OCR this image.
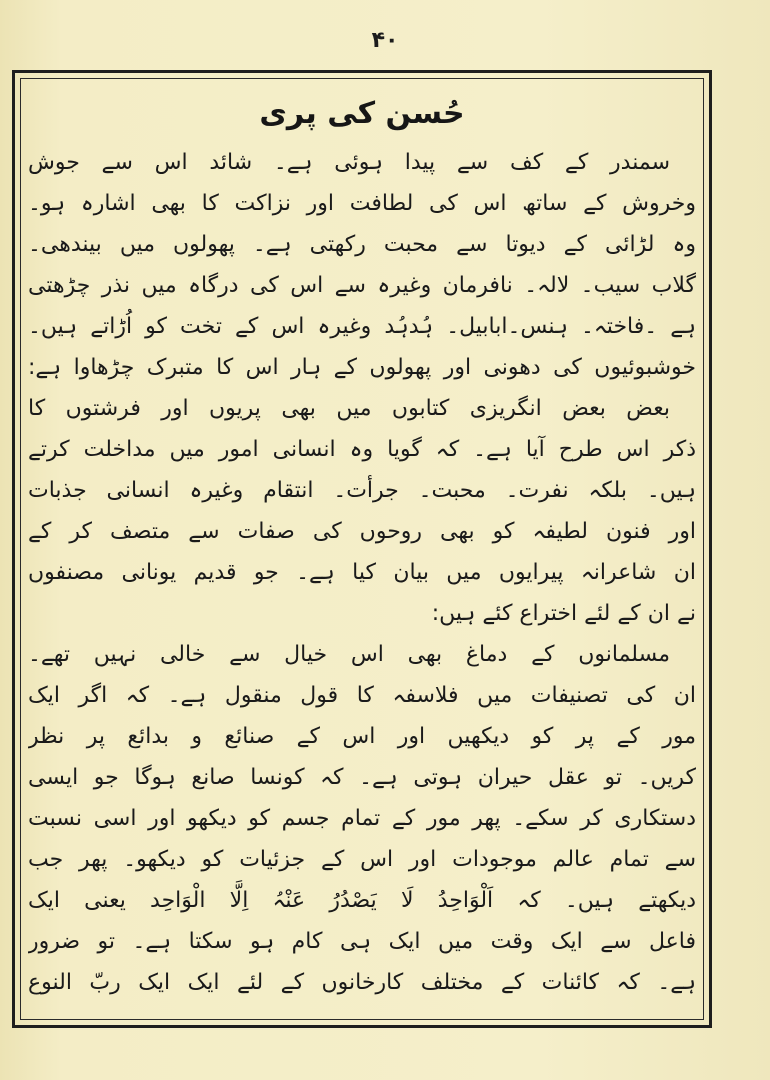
۴۰
حُسن کی پری
سمندر کے کف سے پیدا ہوئی ہے۔ شائد اس سے جوش
وخروش کے ساتھ اس کی لطافت اور نزاکت کا بھی اشارہ ہو۔
وہ لڑائی کے دیوتا سے محبت رکھتی ہے۔ پھولوں میں بیندھی۔
گلاب سیب۔ لالہ۔ نافرمان وغیرہ سے اس کی درگاہ میں نذر چڑھتی
ہے ۔فاختہ۔ ہنس۔ابابیل۔ ہُدہُد وغیرہ اس کے تخت کو اُڑاتے ہیں۔
خوشبوئیوں کی دھونی اور پھولوں کے ہار اس کا متبرک چڑھاوا ہے:
بعض بعض انگریزی کتابوں میں بھی پریوں اور فرشتوں کا
ذکر اس طرح آیا ہے۔ کہ گویا وہ انسانی امور میں مداخلت کرتے
ہیں۔ بلکہ نفرت۔ محبت۔ جرأت۔ انتقام وغیرہ انسانی جذبات
اور فنون لطیفہ کو بھی روحوں کی صفات سے متصف کر کے
ان شاعرانہ پیرایوں میں بیان کیا ہے۔ جو قدیم یونانی مصنفوں
نے ان کے لئے اختراع کئے ہیں:
مسلمانوں کے دماغ بھی اس خیال سے خالی نہیں تھے۔
ان کی تصنیفات میں فلاسفہ کا قول منقول ہے۔ کہ اگر ایک
مور کے پر کو دیکھیں اور اس کے صنائع و بدائع پر نظر
کریں۔ تو عقل حیران ہوتی ہے۔ کہ کونسا صانع ہوگا جو ایسی
دستکاری کر سکے۔ پھر مور کے تمام جسم کو دیکھو اور اسی نسبت
سے تمام عالم موجودات اور اس کے جزئیات کو دیکھو۔ پھر جب
دیکھتے ہیں۔ کہ اَلْوَاحِدُ لَا یَصْدُرُ عَنْہُ اِلَّا الْوَاحِد یعنی ایک
فاعل سے ایک وقت میں ایک ہی کام ہو سکتا ہے۔ تو ضرور
ہے۔ کہ کائنات کے مختلف کارخانوں کے لئے ایک ایک ربّ النوع
